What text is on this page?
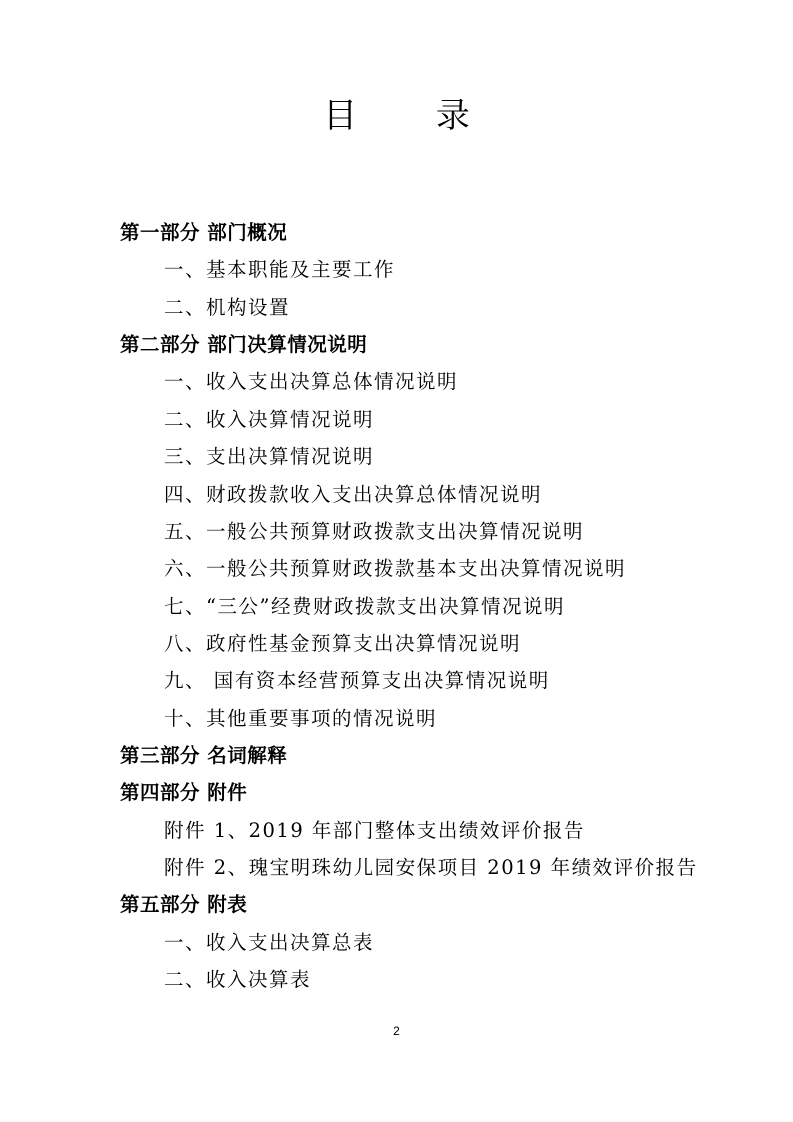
目 录
第一部分 部门概况
一、基本职能及主要工作
二、机构设置
第二部分 部门决算情况说明
一、收入支出决算总体情况说明
二、收入决算情况说明
三、支出决算情况说明
四、财政拨款收入支出决算总体情况说明
五、一般公共预算财政拨款支出决算情况说明
六、一般公共预算财政拨款基本支出决算情况说明
七、“三公”经费财政拨款支出决算情况说明
八、政府性基金预算支出决算情况说明
九、 国有资本经营预算支出决算情况说明
十、其他重要事项的情况说明
第三部分 名词解释
第四部分 附件
附件 1、2019 年部门整体支出绩效评价报告
附件 2、瑰宝明珠幼儿园安保项目 2019 年绩效评价报告
第五部分 附表
一、收入支出决算总表
二、收入决算表
2
